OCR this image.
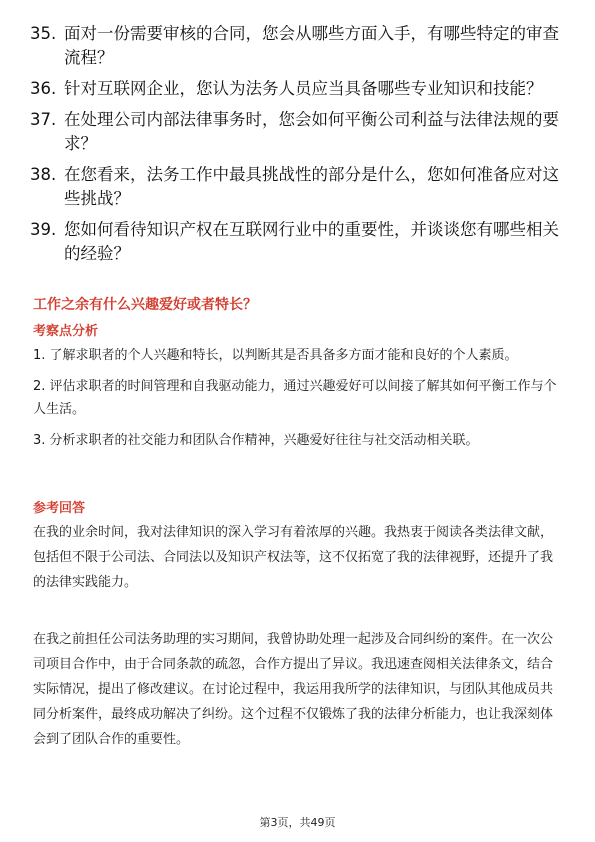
35. 面对一份需要审核的合同，您会从哪些方面入手，有哪些特定的审查流程？
36. 针对互联网企业，您认为法务人员应当具备哪些专业知识和技能？
37. 在处理公司内部法律事务时，您会如何平衡公司利益与法律法规的要求？
38. 在您看来，法务工作中最具挑战性的部分是什么，您如何准备应对这些挑战？
39. 您如何看待知识产权在互联网行业中的重要性，并谈谈您有哪些相关的经验？
工作之余有什么兴趣爱好或者特长？
考察点分析

1. 了解求职者的个人兴趣和特长，以判断其是否具备多方面才能和良好的个人素质。

2. 评估求职者的时间管理和自我驱动能力，通过兴趣爱好可以间接了解其如何平衡工作与个人生活。

3. 分析求职者的社交能力和团队合作精神，兴趣爱好往往与社交活动相关联。

参考回答

在我的业余时间，我对法律知识的深入学习有着浓厚的兴趣。我热衷于阅读各类法律文献，包括但不限于公司法、合同法以及知识产权法等，这不仅拓宽了我的法律视野，还提升了我的法律实践能力。

在我之前担任公司法务助理的实习期间，我曾协助处理一起涉及合同纠纷的案件。在一次公司项目合作中，由于合同条款的疏忽，合作方提出了异议。我迅速查阅相关法律条文，结合实际情况，提出了修改建议。在讨论过程中，我运用我所学的法律知识，与团队其他成员共同分析案件，最终成功解决了纠纷。这个过程不仅锻炼了我的法律分析能力，也让我深刻体会到了团队合作的重要性。

第3页，共49页
